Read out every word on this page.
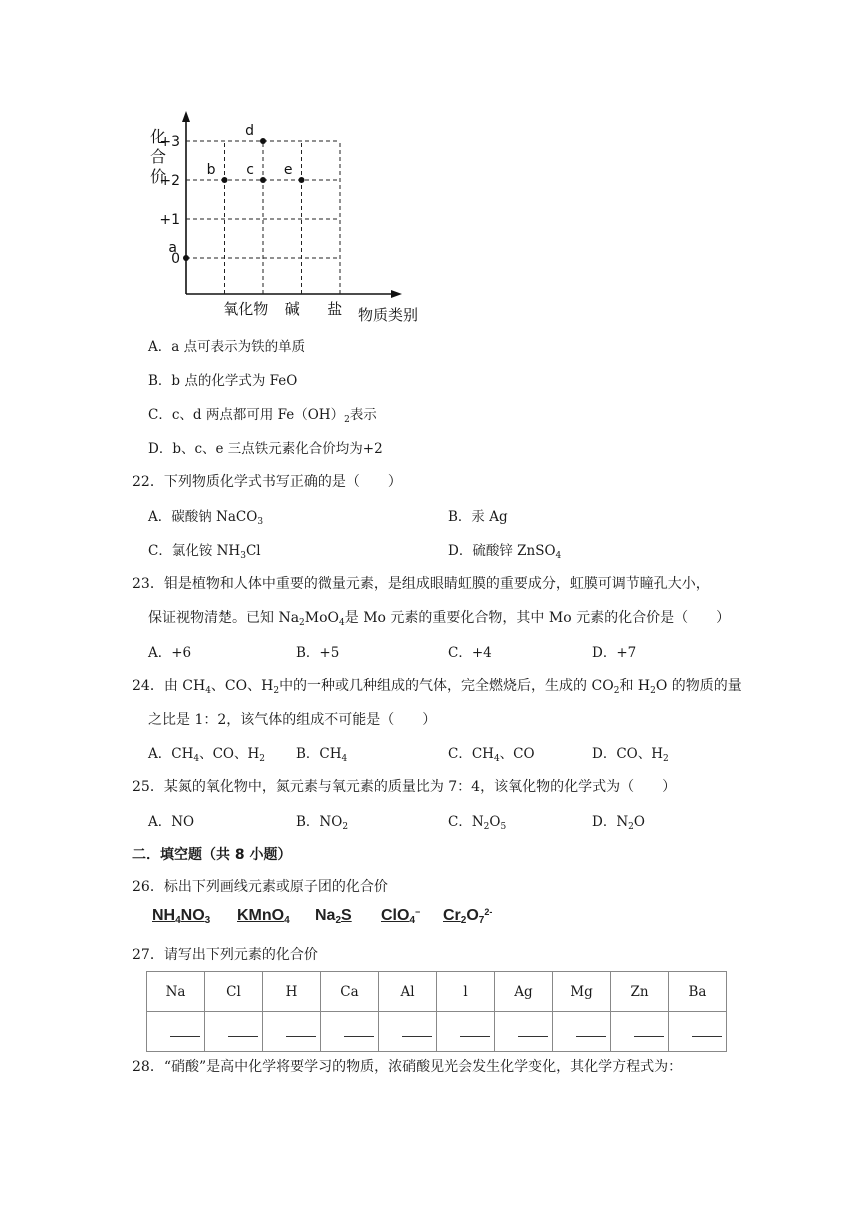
+3
+2
+1
0
化
合
价
氧化物 碱 盐 物质类别
a
b c
d
e
A．a 点可表示为铁的单质
B．b 点的化学式为 FeO
C．c、d 两点都可用 $Fe(OH)_2$表示
D．b、c、e 三点铁元素化合价均为+2
22．下列物质化学式书写正确的是（　　）
A．碳酸钠 NaCO$_3$	B．汞 Ag
C．氯化铵 $NH_3Cl$	D．硫酸锌 ZnSO$_4$
23．钼是植物和人体中重要的微量元素，是组成眼睛虹膜的重要成分，虹膜可调节瞳孔大小，
保证视物清楚。已知 $Na_2MoO_4$是 Mo 元素的重要化合物，其中 Mo 元素的化合价是（　　）
A．+6	B．+5	C．+4	D．+7
24．由 $CH_4$、CO、$H_2$中的一种或几种组成的气体，完全燃烧后，生成的 $CO_2$和 $H_2O$ 的物质的量
之比是 1：2，该气体的组成不可能是（　　）
A．$CH_4$、CO、$H_2$ B．$CH_4$	C．$CH_4$、CO	D．CO、$H_2$
25．某氮的氧化物中，氮元素与氧元素的质量比为 7：4，该氧化物的化学式为（　　）
A．NO	B．$NO_2$	C．$N_2O_5$	D．$N_2O$
二．填空题（共 8 小题）
26．标出下列画线元素或原子团的化合价
$NH_4NO_3$ KMnO$_4$ $Na_2S$ ClO$_4$− $Cr_2O_7^{2-}$
27．请写出下列元素的化合价
Na	Cl	H	Ca	Al	l	Ag	Mg	Zn	Ba

28．“硝酸”是高中化学将要学习的物质，浓硝酸见光会发生化学变化，其化学方程式为：
